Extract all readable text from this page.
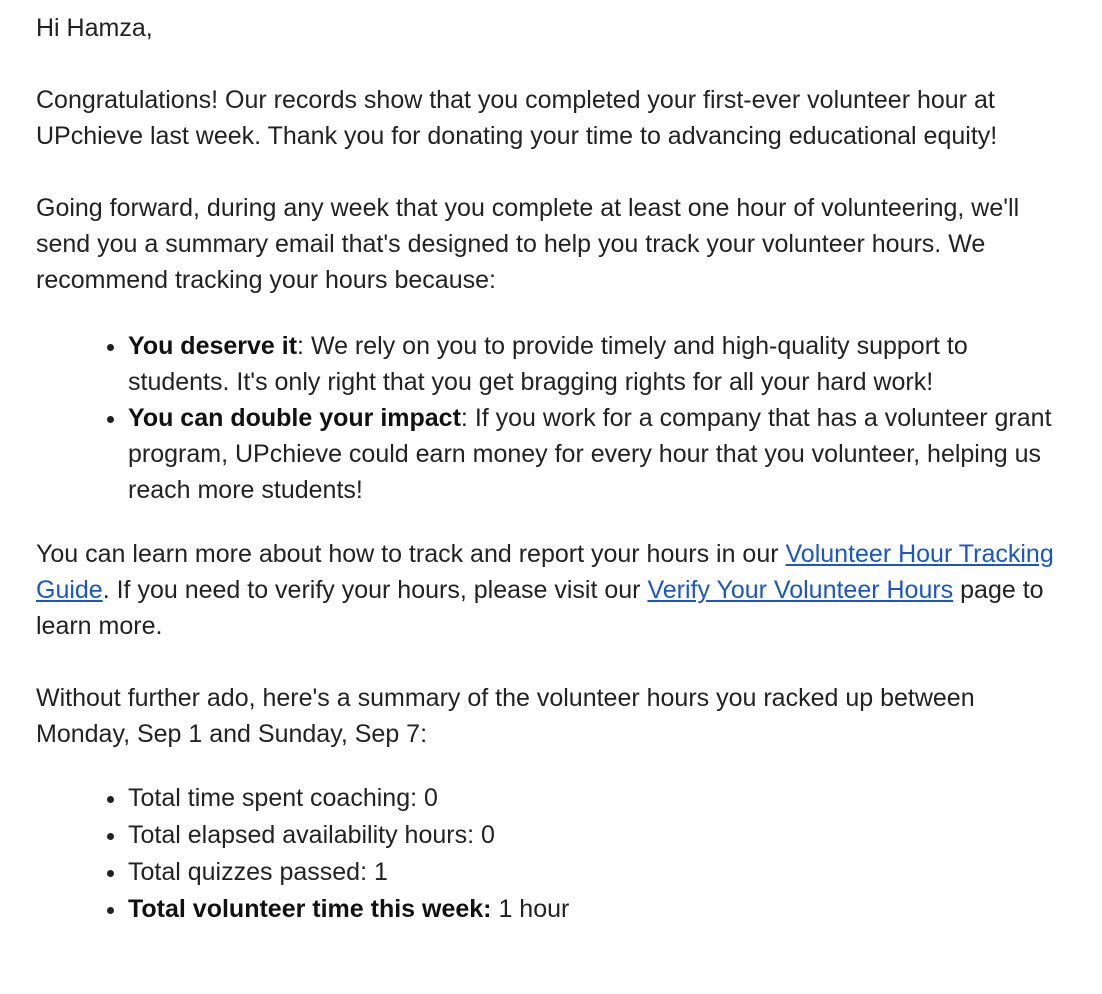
Hi Hamza,

Congratulations! Our records show that you completed your first-ever volunteer hour at UPchieve last week. Thank you for donating your time to advancing educational equity!

Going forward, during any week that you complete at least one hour of volunteering, we'll send you a summary email that's designed to help you track your volunteer hours. We recommend tracking your hours because:

• You deserve it: We rely on you to provide timely and high-quality support to students. It's only right that you get bragging rights for all your hard work!
• You can double your impact: If you work for a company that has a volunteer grant program, UPchieve could earn money for every hour that you volunteer, helping us reach more students!

You can learn more about how to track and report your hours in our Volunteer Hour Tracking Guide. If you need to verify your hours, please visit our Verify Your Volunteer Hours page to learn more.

Without further ado, here's a summary of the volunteer hours you racked up between Monday, Sep 1 and Sunday, Sep 7:

• Total time spent coaching: 0
• Total elapsed availability hours: 0
• Total quizzes passed: 1
• Total volunteer time this week: 1 hour
